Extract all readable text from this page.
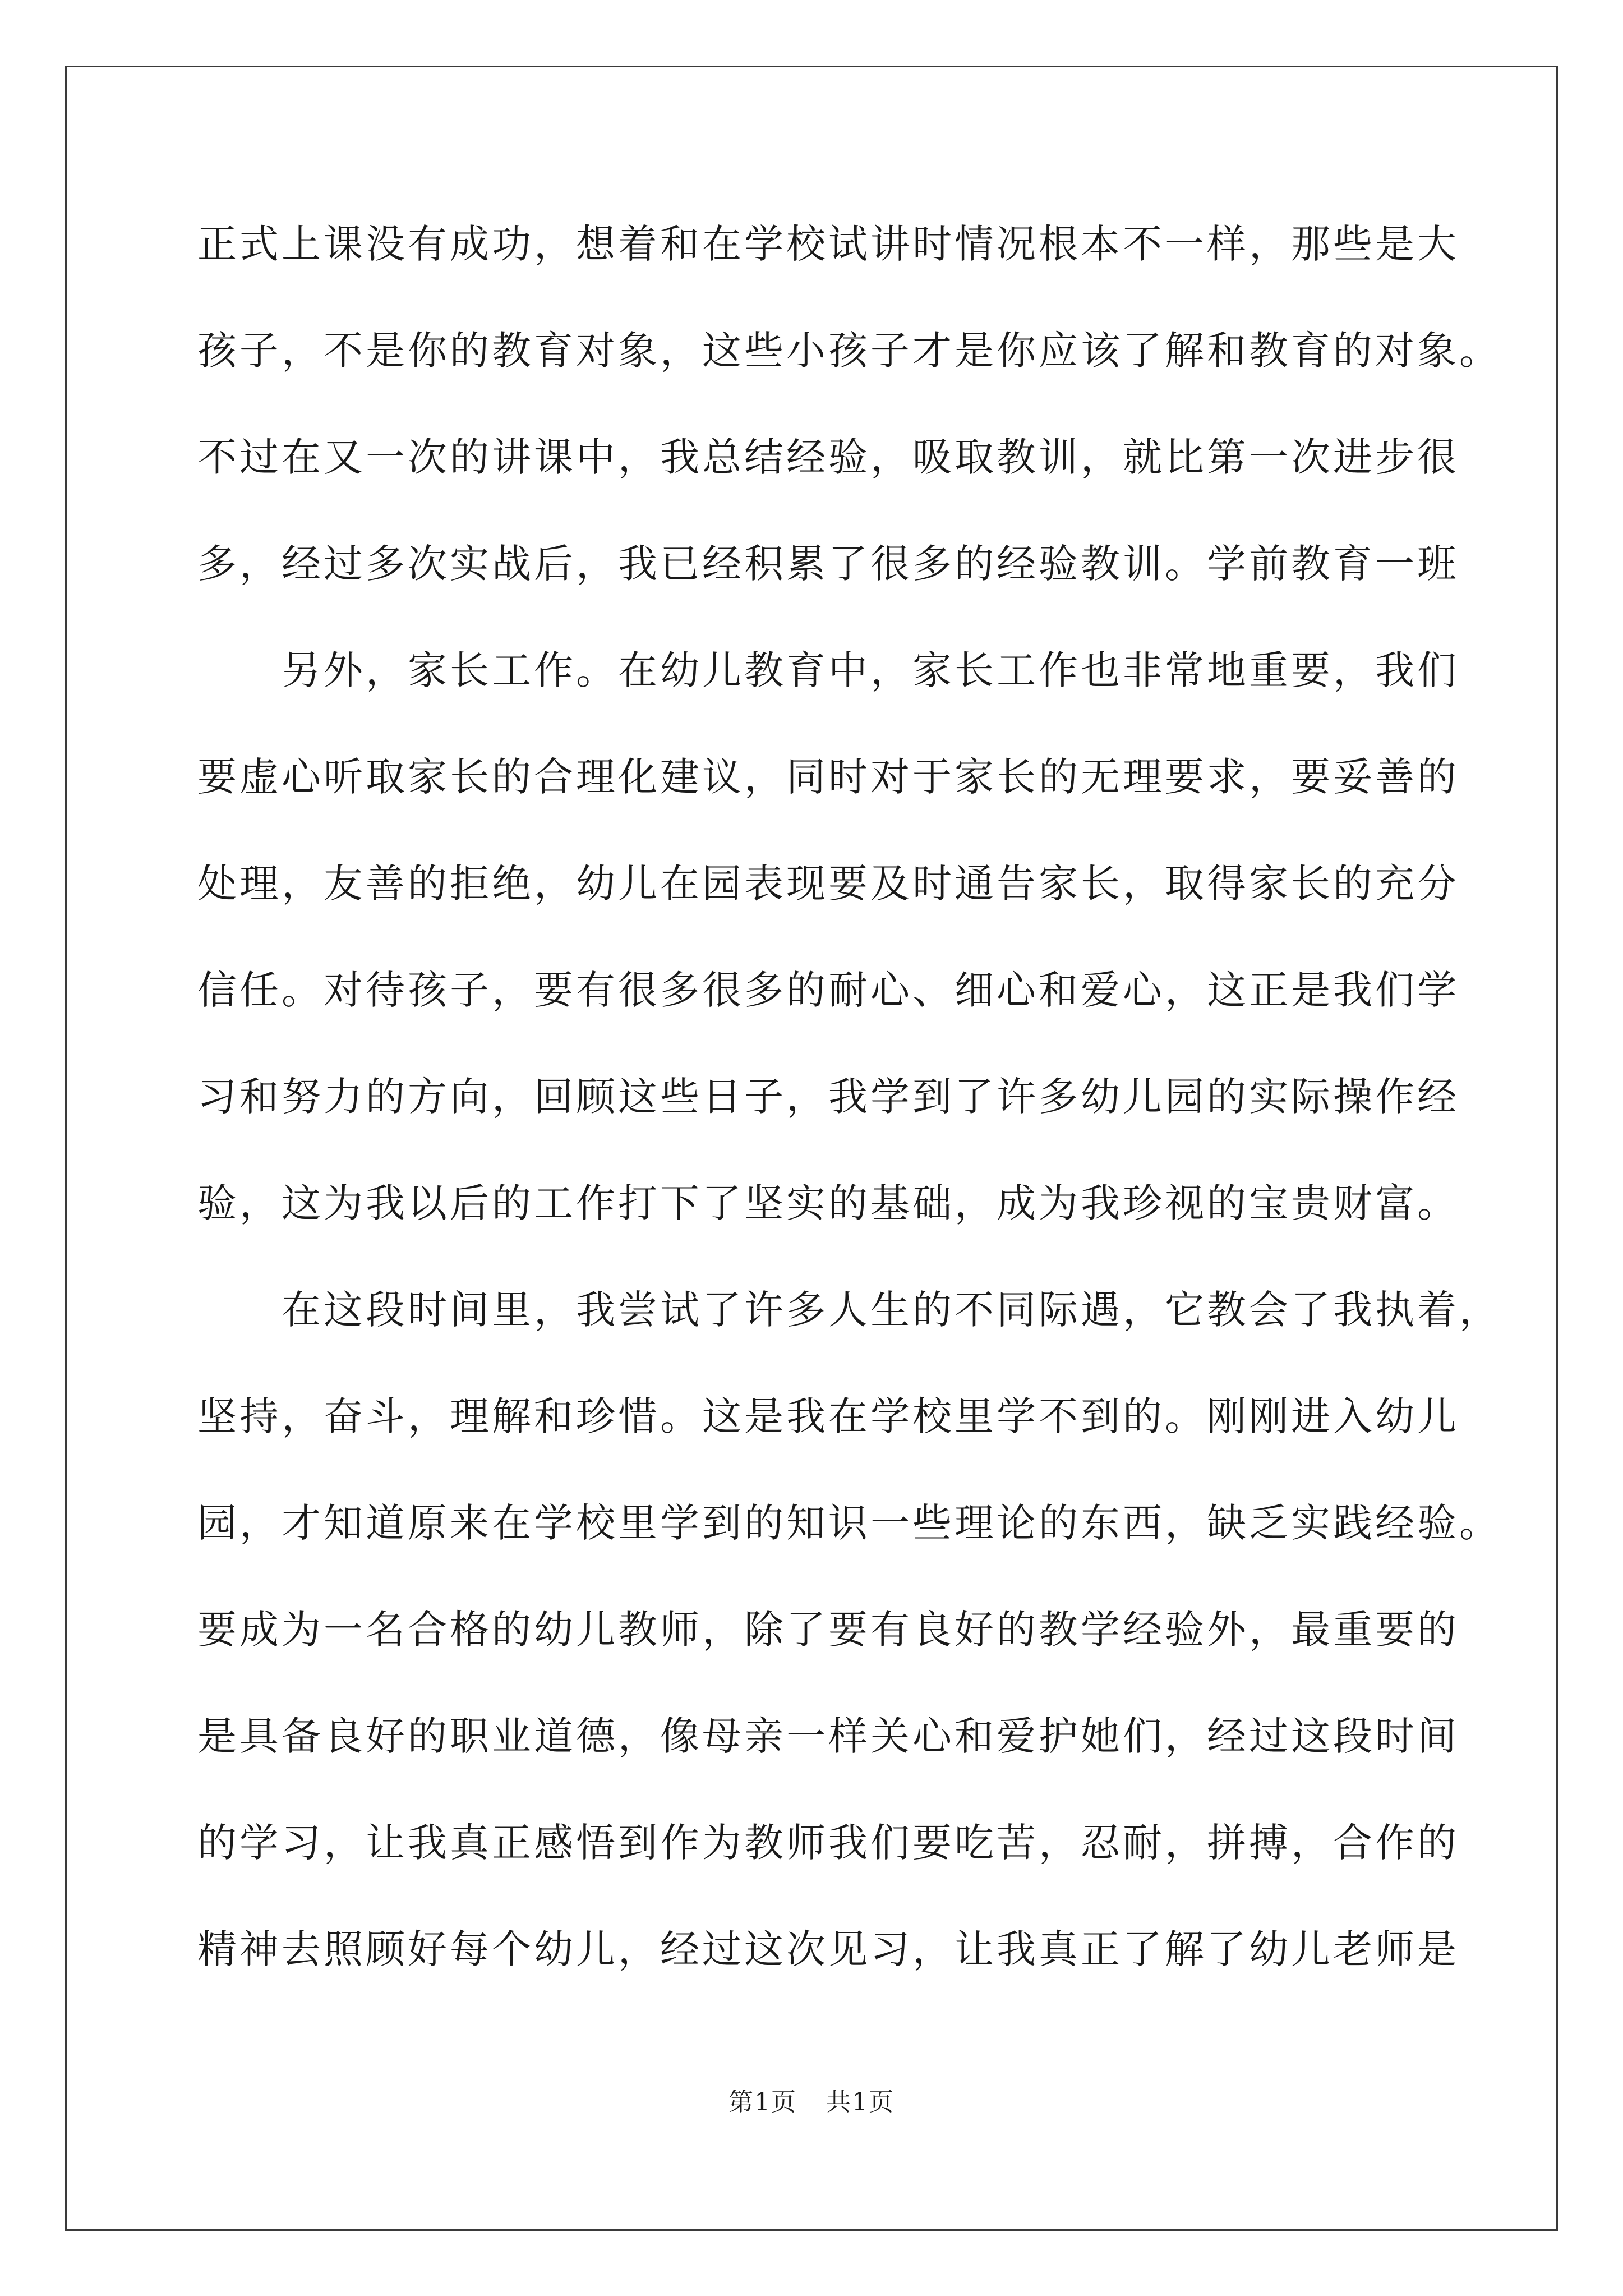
正式上课没有成功，想着和在学校试讲时情况根本不一样，那些是大
孩子，不是你的教育对象，这些小孩子才是你应该了解和教育的对象。
不过在又一次的讲课中，我总结经验，吸取教训，就比第一次进步很
多，经过多次实战后，我已经积累了很多的经验教训。学前教育一班
　　另外，家长工作。在幼儿教育中，家长工作也非常地重要，我们
要虚心听取家长的合理化建议，同时对于家长的无理要求，要妥善的
处理，友善的拒绝，幼儿在园表现要及时通告家长，取得家长的充分
信任。对待孩子，要有很多很多的耐心、细心和爱心，这正是我们学
习和努力的方向，回顾这些日子，我学到了许多幼儿园的实际操作经
验，这为我以后的工作打下了坚实的基础，成为我珍视的宝贵财富。
　　在这段时间里，我尝试了许多人生的不同际遇，它教会了我执着，
坚持，奋斗，理解和珍惜。这是我在学校里学不到的。刚刚进入幼儿
园，才知道原来在学校里学到的知识一些理论的东西，缺乏实践经验。
要成为一名合格的幼儿教师，除了要有良好的教学经验外，最重要的
是具备良好的职业道德，像母亲一样关心和爱护她们，经过这段时间
的学习，让我真正感悟到作为教师我们要吃苦，忍耐，拼搏，合作的
精神去照顾好每个幼儿，经过这次见习，让我真正了解了幼儿老师是
第1页 共1页
